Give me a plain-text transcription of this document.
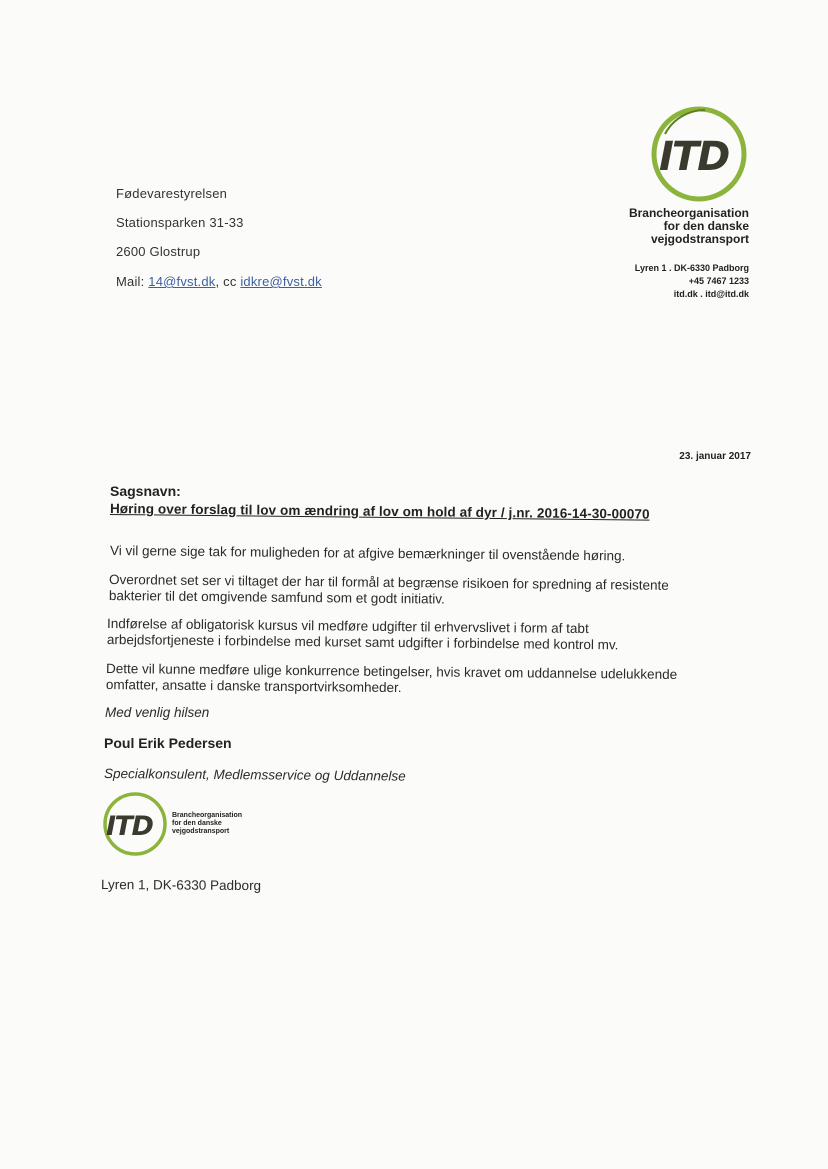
Fødevarestyrelsen
Stationsparken 31-33
2600 Glostrup
Mail: 14@fvst.dk, cc idkre@fvst.dk
ITD
Brancheorganisation
for den danske
vejgodstransport
Lyren 1 . DK-6330 Padborg
+45 7467 1233
itd.dk . itd@itd.dk
23. januar 2017
Sagsnavn:
Høring over forslag til lov om ændring af lov om hold af dyr / j.nr. 2016-14-30-00070
Vi vil gerne sige tak for muligheden for at afgive bemærkninger til ovenstående høring.
Overordnet set ser vi tiltaget der har til formål at begrænse risikoen for spredning af resistente
bakterier til det omgivende samfund som et godt initiativ.
Indførelse af obligatorisk kursus vil medføre udgifter til erhvervslivet i form af tabt
arbejdsfortjeneste i forbindelse med kurset samt udgifter i forbindelse med kontrol mv.
Dette vil kunne medføre ulige konkurrence betingelser, hvis kravet om uddannelse udelukkende
omfatter, ansatte i danske transportvirksomheder.
Med venlig hilsen
Poul Erik Pedersen
Specialkonsulent, Medlemsservice og Uddannelse
ITD	Brancheorganisation
for den danske
vejgodstransport
Lyren 1, DK-6330 Padborg
